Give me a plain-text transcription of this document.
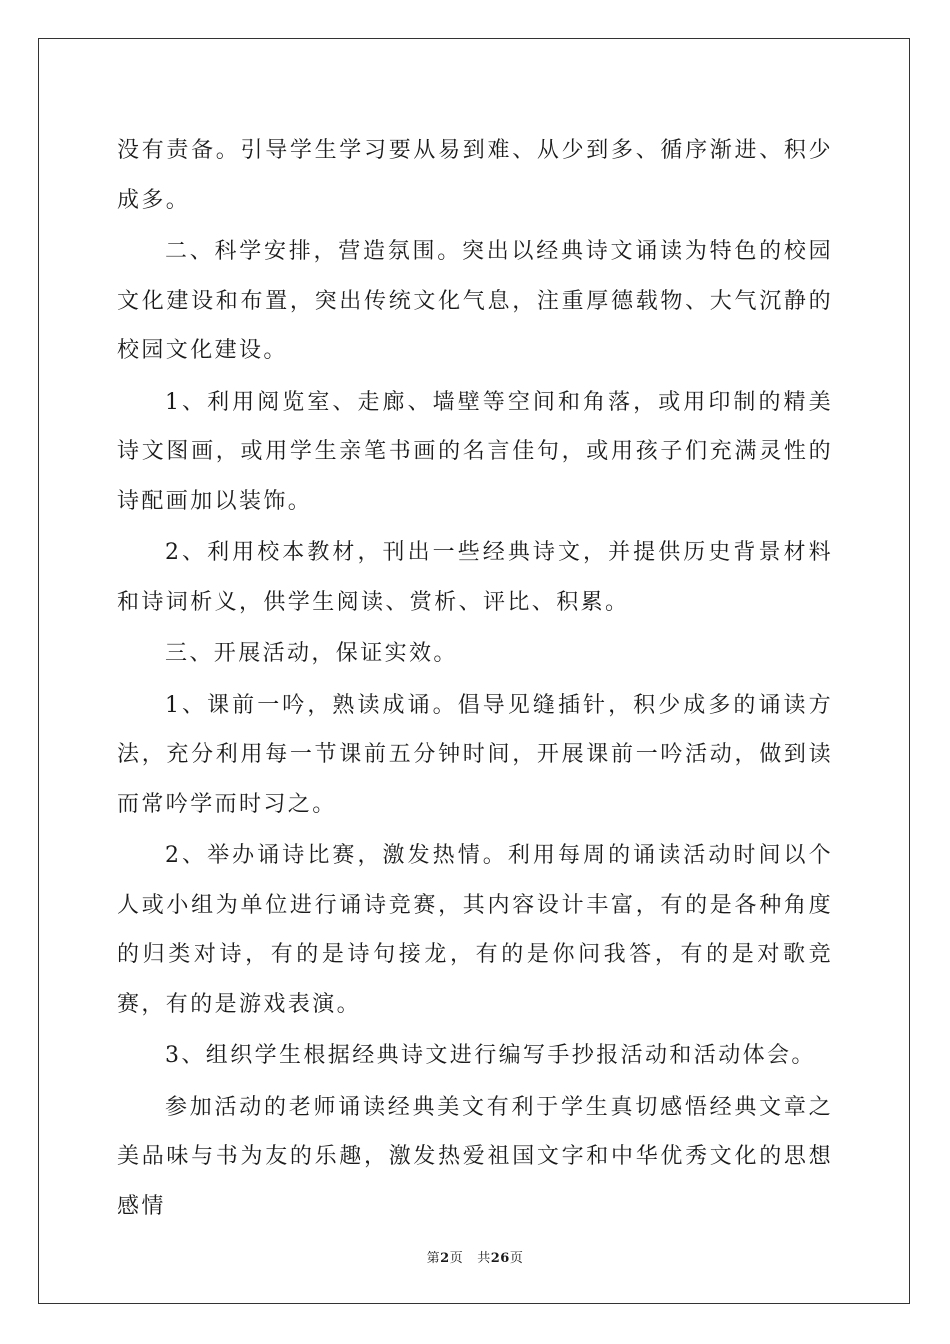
没有责备。引导学生学习要从易到难、从少到多、循序渐进、积少成多。

二、科学安排，营造氛围。突出以经典诗文诵读为特色的校园文化建设和布置，突出传统文化气息，注重厚德载物、大气沉静的校园文化建设。

1、利用阅览室、走廊、墙壁等空间和角落，或用印制的精美诗文图画，或用学生亲笔书画的名言佳句，或用孩子们充满灵性的诗配画加以装饰。

2、利用校本教材，刊出一些经典诗文，并提供历史背景材料和诗词析义，供学生阅读、赏析、评比、积累。

三、开展活动，保证实效。

1、课前一吟，熟读成诵。倡导见缝插针，积少成多的诵读方法，充分利用每一节课前五分钟时间，开展课前一吟活动，做到读而常吟学而时习之。

2、举办诵诗比赛，激发热情。利用每周的诵读活动时间以个人或小组为单位进行诵诗竞赛，其内容设计丰富，有的是各种角度的归类对诗，有的是诗句接龙，有的是你问我答，有的是对歌竞赛，有的是游戏表演。

3、组织学生根据经典诗文进行编写手抄报活动和活动体会。

参加活动的老师诵读经典美文有利于学生真切感悟经典文章之美品味与书为友的乐趣，激发热爱祖国文字和中华优秀文化的思想感情

第2页 共26页
